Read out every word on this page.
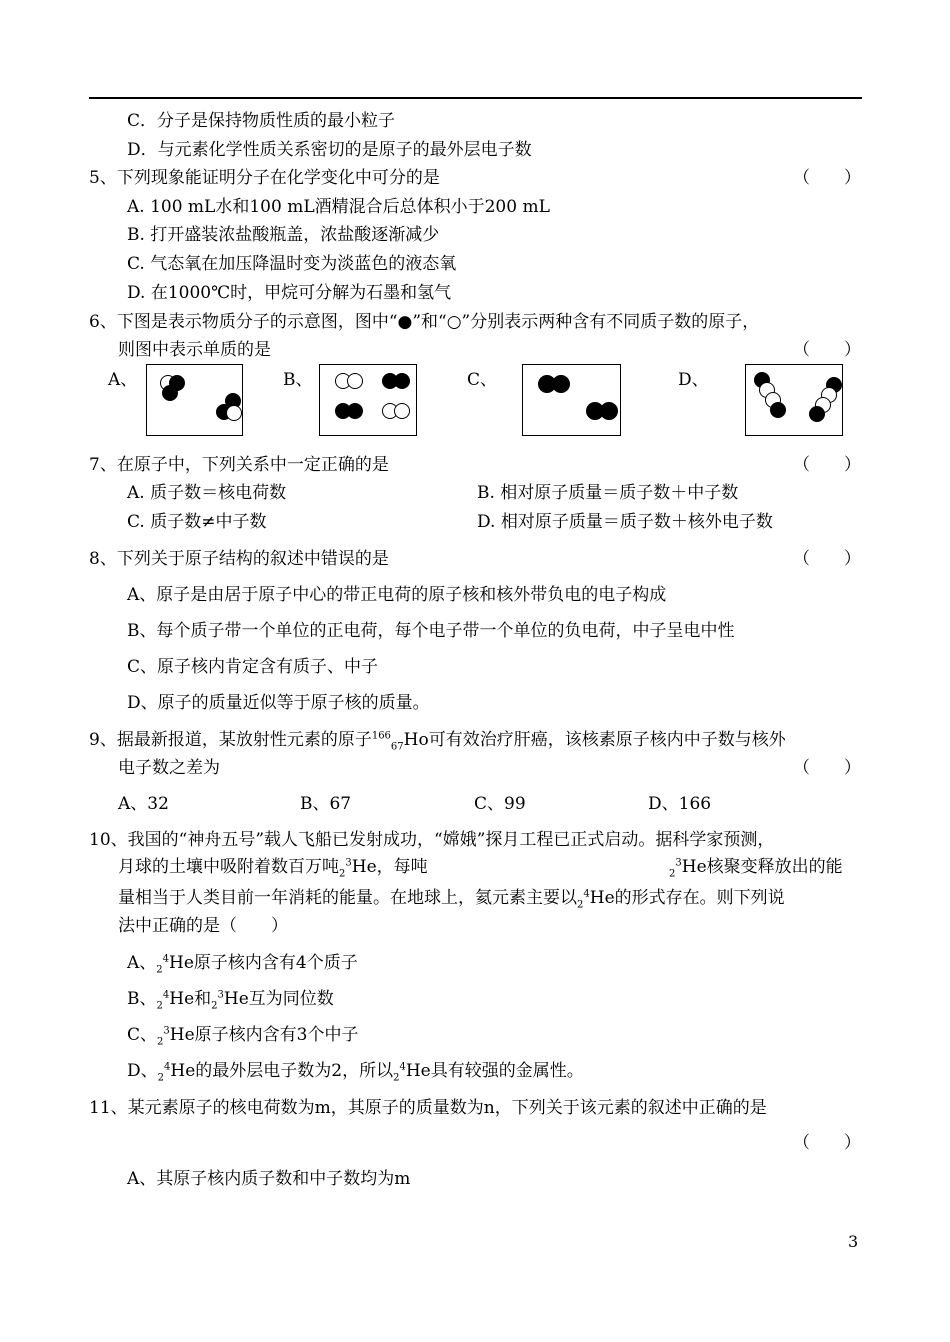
C．分子是保持物质性质的最小粒子
D．与元素化学性质关系密切的是原子的最外层电子数
5、下列现象能证明分子在化学变化中可分的是	（　　）
A. 100 mL水和100 mL酒精混合后总体积小于200 mL
B. 打开盛装浓盐酸瓶盖，浓盐酸逐渐减少
C. 气态氧在加压降温时变为淡蓝色的液态氧
D. 在1000℃时，甲烷可分解为石墨和氢气
6、下图是表示物质分子的示意图，图中“●”和“○”分别表示两种含有不同质子数的原子，
则图中表示单质的是	（　　）
A、	B、	C、	D、
7、在原子中，下列关系中一定正确的是	（　　）
A. 质子数＝核电荷数	B. 相对原子质量＝质子数＋中子数
C. 质子数≠中子数	D. 相对原子质量＝质子数＋核外电子数
8、下列关于原子结构的叙述中错误的是	（　　）
A、原子是由居于原子中心的带正电荷的原子核和核外带负电的电子构成
B、每个质子带一个单位的正电荷，每个电子带一个单位的负电荷，中子呈电中性
C、原子核内肯定含有质子、中子
D、原子的质量近似等于原子核的质量。
9、据最新报道，某放射性元素的原子$^{166}_{67}$Ho可有效治疗肝癌，该核素原子核内中子数与核外
电子数之差为	（　　）
A、32	B、67	C、99	D、166
10、我国的“神舟五号”载人飞船已发射成功，“嫦娥”探月工程已正式启动。据科学家预测，
月球的土壤中吸附着数百万吨$_2^3$He，每吨	$_2^3$He核聚变释放出的能
量相当于人类目前一年消耗的能量。在地球上，氦元素主要以$_2^4$He的形式存在。则下列说
法中正确的是（　　）
A、$_2^4$He原子核内含有4个质子
B、$_2^4$He和$_2^3$He互为同位数
C、$_2^3$He原子核内含有3个中子
D、$_2^4$He的最外层电子数为2，所以$_2^4$He具有较强的金属性。
11、某元素原子的核电荷数为m，其原子的质量数为n，下列关于该元素的叙述中正确的是
（　　）
A、其原子核内质子数和中子数均为m
3
